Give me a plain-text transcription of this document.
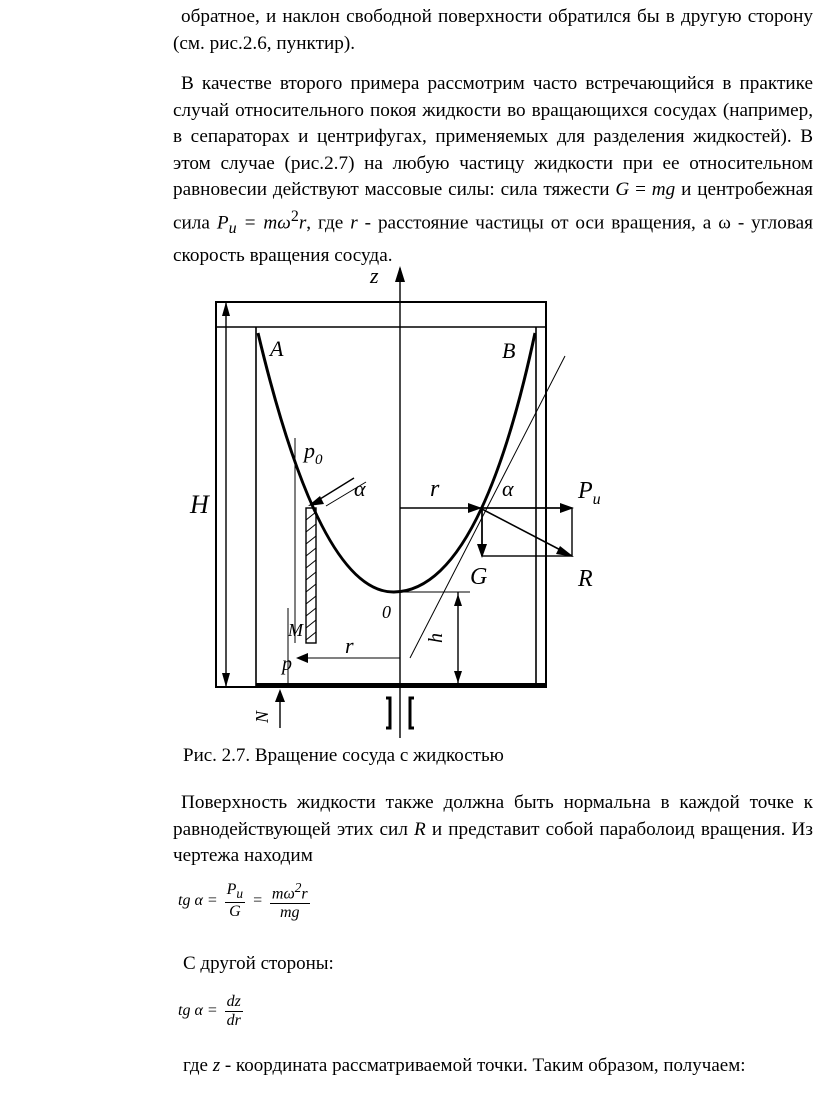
обратное, и наклон свободной поверхности обратился бы в другую сторону (см. рис.2.6, пунктир).

В качестве второго примера рассмотрим часто встречающийся в практике случай относительного покоя жидкости во вращающихся сосудах (например, в сепараторах и центрифугах, применяемых для разделения жидкостей). В этом случае (рис.2.7) на любую частицу жидкости при ее относительном равновесии действуют массовые силы: сила тяжести G = mg и центробежная сила $P_u = m\omega^2r$, где r - расстояние частицы от оси вращения, а ω - угловая скорость вращения сосуда.

H
z
A	B
0
r	α	$P_u$
G	R
$p_0$
α
M
p
r	h
N
Рис. 2.7. Вращение сосуда с жидкостью

Поверхность жидкости также должна быть нормальна в каждой точке к равнодействующей этих сил R и представит собой параболоид вращения. Из чертежа находим

tg $\alpha = \frac{P_u}{G} = \frac{m\omega^2r}{mg}$
С другой стороны:
tg $\alpha = \frac{dz}{dr}$
где z - координата рассматриваемой точки. Таким образом, получаем:
